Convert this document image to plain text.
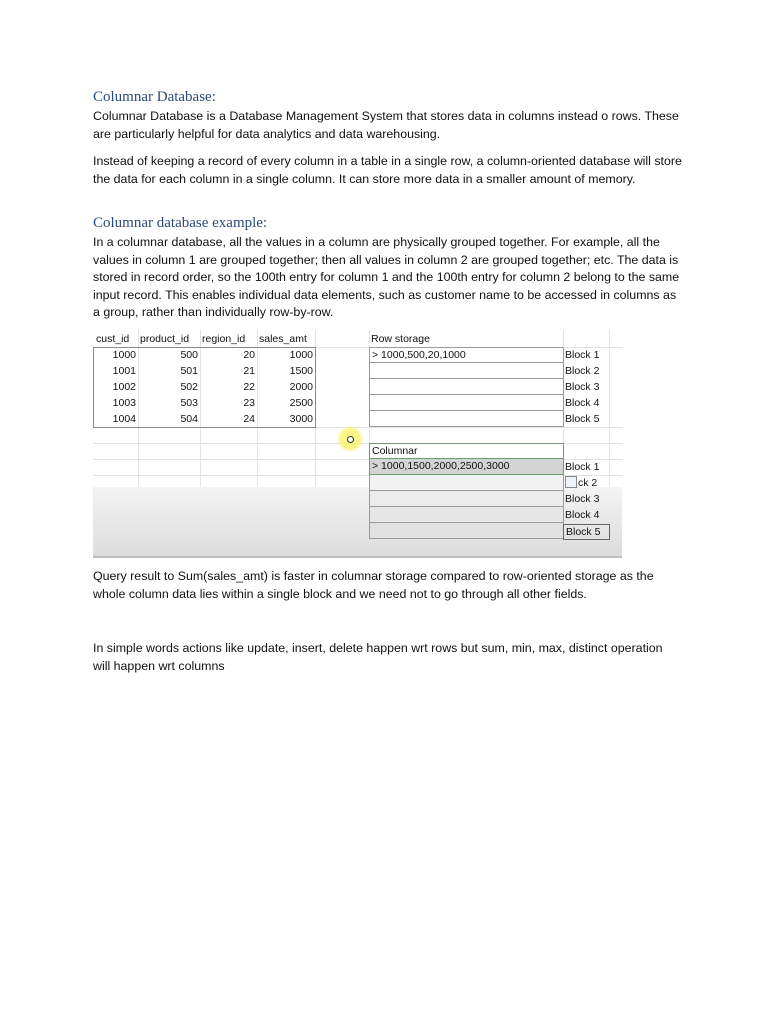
Columnar Database:

Columnar Database is a Database Management System that stores data in columns instead o rows. These are particularly helpful for data analytics and data warehousing.

Instead of keeping a record of every column in a table in a single row, a column-oriented database will store the data for each column in a single column. It can store more data in a smaller amount of memory.

Columnar database example:

In a columnar database, all the values in a column are physically grouped together. For example, all the values in column 1 are grouped together; then all values in column 2 are grouped together; etc. The data is stored in record order, so the 100th entry for column 1 and the 100th entry for column 2 belong to the same input record. This enables individual data elements, such as customer name to be accessed in columns as a group, rather than individually row-by-row.

cust_id	product_id	region_id	sales_amt
1000	500	20	1000
1001	501	21	1500
1002	502	22	2000
1003	503	23	2500
1004	504	24	3000
Row storage
> 1000,500,20,1000	Block 1
Block 2
Block 3
Block 4
Block 5
Columnar
> 1000,1500,2000,2500,3000	Block 1
ck 2
Block 3
Block 4
Block 5

Query result to Sum(sales_amt) is faster in columnar storage compared to row-oriented storage as the whole column data lies within a single block and we need not to go through all other fields.

In simple words actions like update, insert, delete happen wrt rows but sum, min, max, distinct operation will happen wrt columns
